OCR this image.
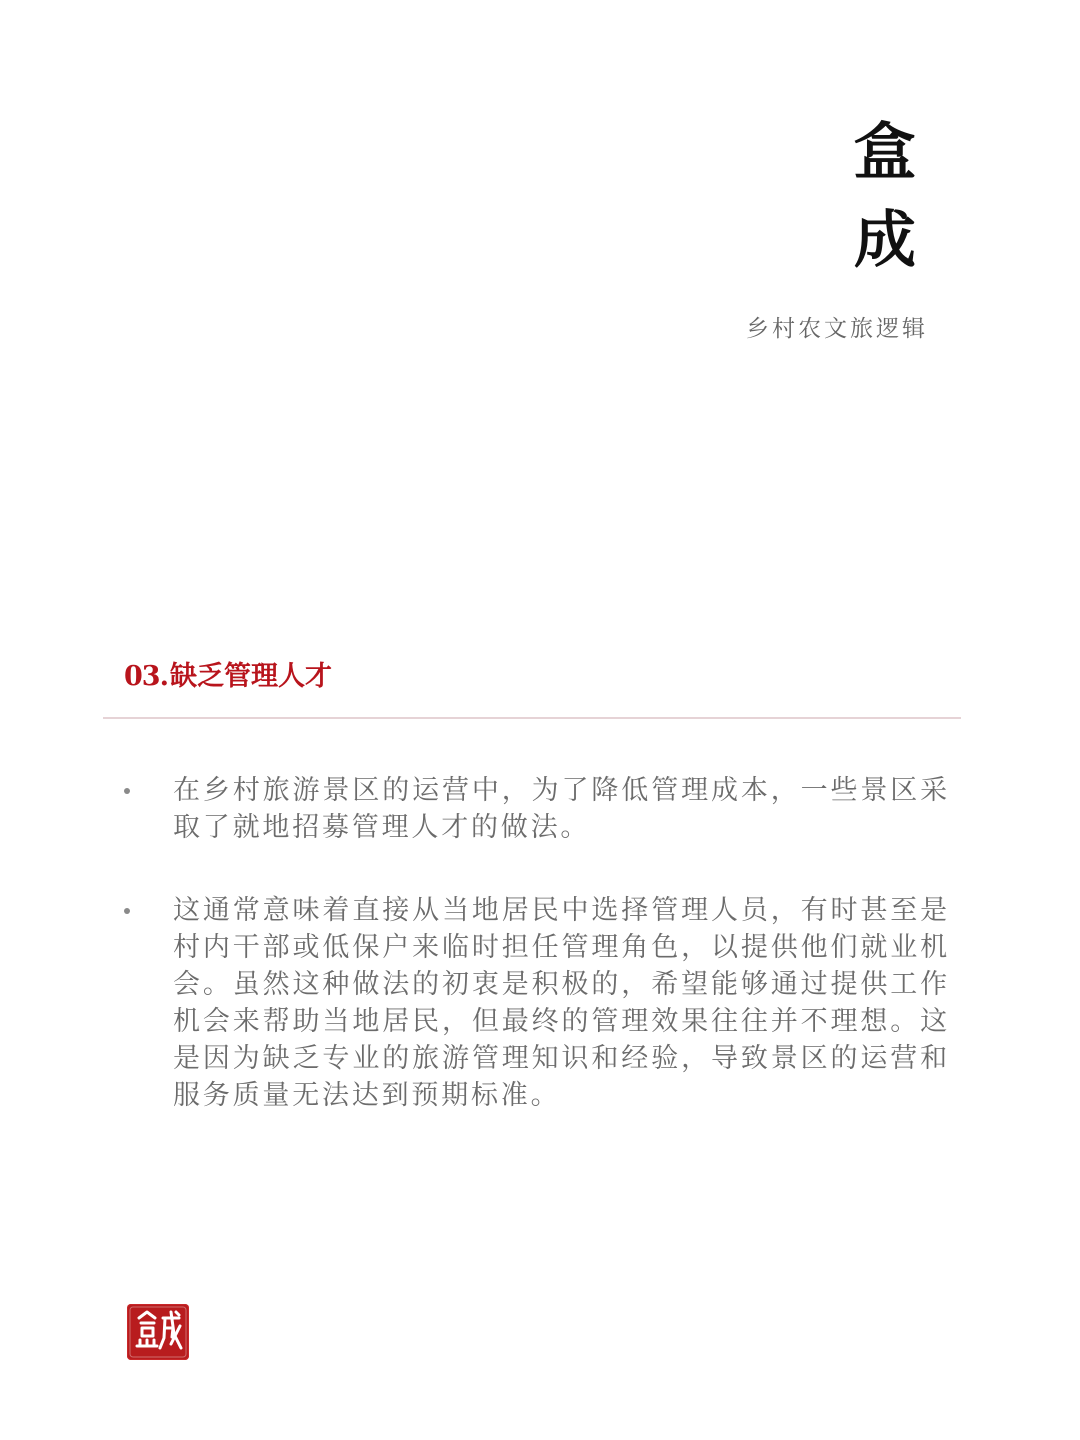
盒
成
乡村农文旅逻辑
03.缺乏管理人才
在乡村旅游景区的运营中，为了降低管理成本，一些景区采取了就地招募管理人才的做法。
这通常意味着直接从当地居民中选择管理人员，有时甚至是村内干部或低保户来临时担任管理角色，以提供他们就业机会。虽然这种做法的初衷是积极的，希望能够通过提供工作机会来帮助当地居民，但最终的管理效果往往并不理想。这是因为缺乏专业的旅游管理知识和经验，导致景区的运营和服务质量无法达到预期标准。
